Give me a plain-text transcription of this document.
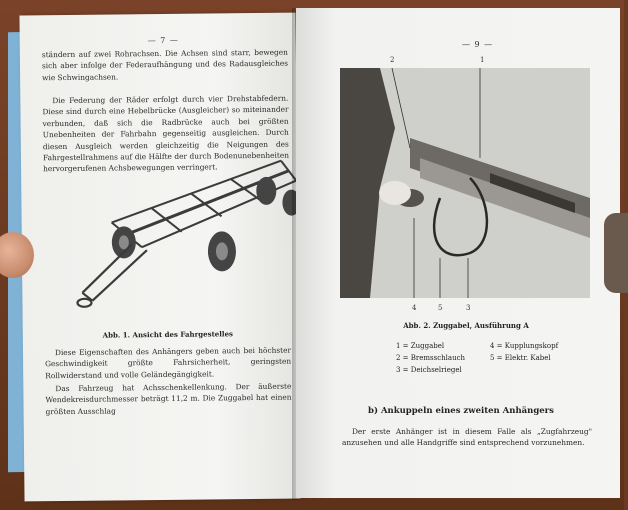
— 7 —

ständern auf zwei Rohrachsen. Die Achsen sind starr, bewegen sich aber infolge der Federaufhängung und des Radausgleiches wie Schwingachsen.

Die Federung der Räder erfolgt durch vier Drehstabfedern. Diese sind durch eine Hebelbrücke (Ausgleicher) so miteinander verbunden, daß sich die Radbrücke auch bei größten Unebenheiten der Fahrbahn gegenseitig ausgleichen. Durch diesen Ausgleich werden gleichzeitig die Neigungen des Fahrgestellrahmens auf die Hälfte der durch Bodenunebenheiten hervorgerufenen Achsbewegungen verringert.

Abb. 1. Ansicht des Fahrgestelles

Diese Eigenschaften des Anhängers geben auch bei höchster Geschwindigkeit größte Fahrsicherheit, geringsten Rollwiderstand und volle Geländegängigkeit.

Das Fahrzeug hat Achsschenkellenkung. Der äußerste Wendekreisdurchmesser beträgt 11,2 m. Die Zuggabel hat einen größten Ausschlag

— 9 —
2	1
4	5	3
Abb. 2. Zuggabel, Ausführung A
1 = Zuggabel	4 = Kupplungskopf
2 = Bremsschlauch	5 = Elektr. Kabel
3 = Deichselriegel
b) Ankuppeln eines zweiten Anhängers

Der erste Anhänger ist in diesem Falle als „Zugfahrzeug" anzusehen und alle Handgriffe sind entsprechend vorzunehmen.
